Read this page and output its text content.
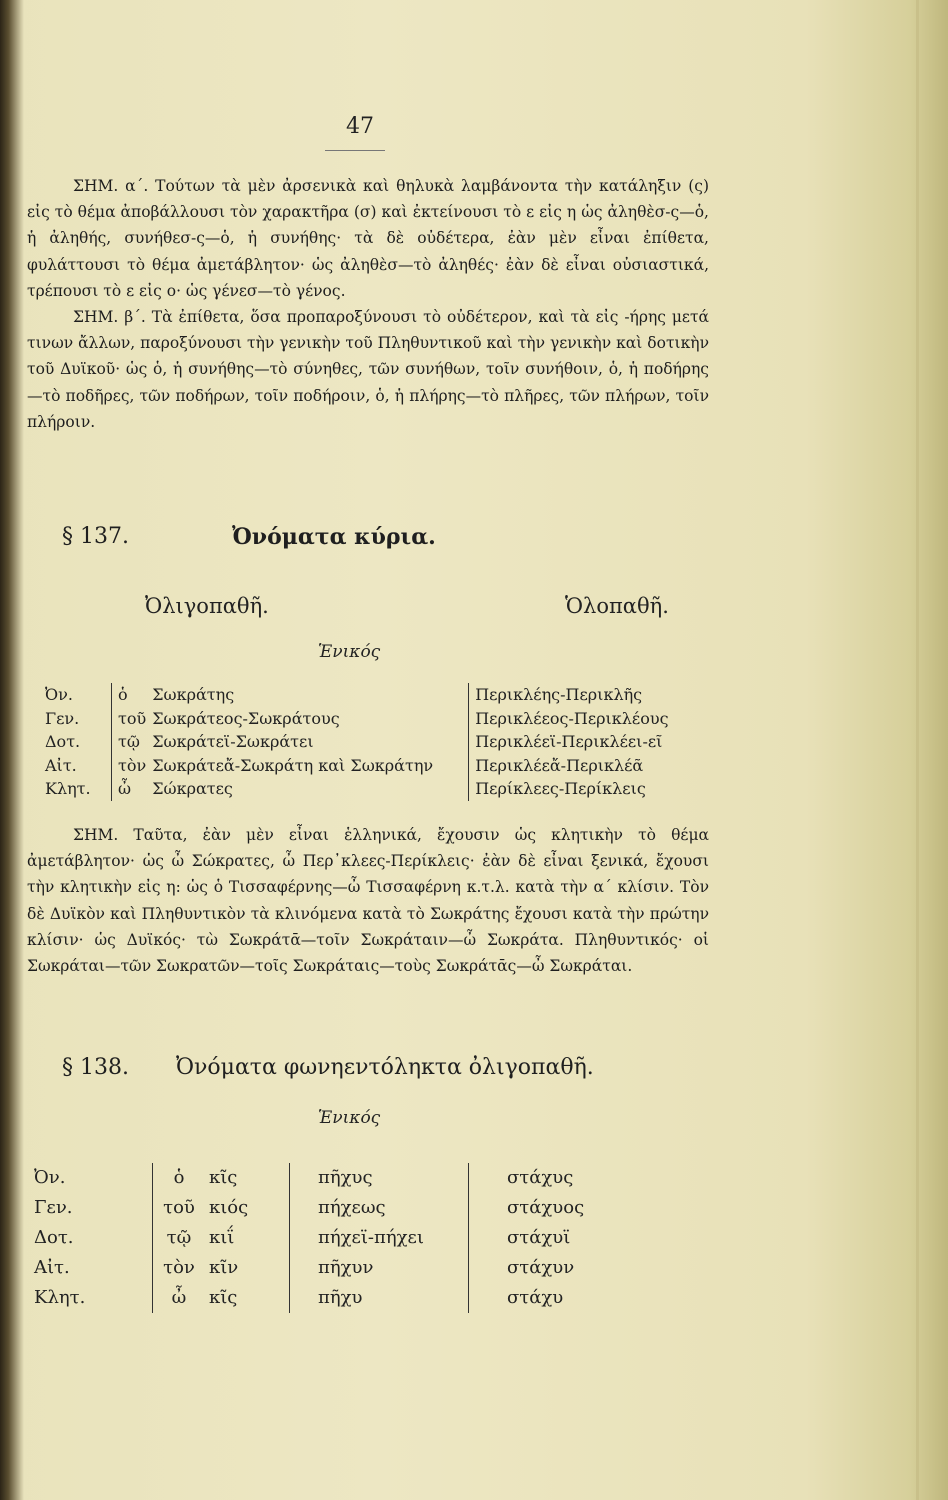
47

ΣΗΜ. α΄. Τούτων τὰ μὲν ἀρσενικὰ καὶ θηλυκὰ λαμβάνοντα τὴν κατάληξιν (ς) εἰς τὸ θέμα ἀποβάλλουσι τὸν χαρακτῆρα (σ) καὶ ἐκτείνουσι τὸ ε εἰς η ὡς ἀληθὲσ-ς—ὁ, ἡ ἀληθής, συνήθεσ-ς—ὁ, ἡ συνήθης· τὰ δὲ οὐδέτερα, ἐὰν μὲν εἶναι ἐπίθετα, φυλάττουσι τὸ θέμα ἀμετάβλητον· ὡς ἀληθὲσ—τὸ ἀληθές· ἐὰν δὲ εἶναι οὐσιαστικά, τρέπουσι τὸ ε εἰς ο· ὡς γένεσ—τὸ γένος.

ΣΗΜ. β΄. Τὰ ἐπίθετα, ὅσα προπαροξύνουσι τὸ οὐδέτερον, καὶ τὰ εἰς -ήρης μετά τινων ἄλλων, παροξύνουσι τὴν γενικὴν τοῦ Πληθυντικοῦ καὶ τὴν γενικὴν καὶ δοτικὴν τοῦ Δυϊκοῦ· ὡς ὁ, ἡ συνήθης—τὸ σύνηθες, τῶν συνήθων, τοῖν συνήθοιν, ὁ, ἡ ποδήρης—τὸ ποδῆρες, τῶν ποδήρων, τοῖν ποδήροιν, ὁ, ἡ πλήρης—τὸ πλῆρες, τῶν πλήρων, τοῖν πλήροιν.

§ 137.	Ὀνόματα κύρια.
Ὀλιγοπαθῆ.	Ὁλοπαθῆ.
Ἑνικός
Ὀν.	ὁ	Σωκράτης	Περικλέης-Περικλῆς
Γεν.	τοῦ	Σωκράτεος-Σωκράτους	Περικλέεος-Περικλέους
Δοτ.	τῷ	Σωκράτεϊ-Σωκράτει	Περικλέεϊ-Περικλέει-εῖ
Αἰτ.	τὸν	Σωκράτεἄ-Σωκράτη καὶ Σωκράτην	Περικλέεἄ-Περικλέᾶ
Κλητ.	ὦ	Σώκρατες	Περίκλεες-Περίκλεις

ΣΗΜ. Ταῦτα, ἐὰν μὲν εἶναι ἑλληνικά, ἔχουσιν ὡς κλητικὴν τὸ θέμα ἀμετάβλητον· ὡς ὦ Σώκρατες, ὦ Περ᾽κλεες-Περίκλεις· ἐὰν δὲ εἶναι ξενικά, ἔχουσι τὴν κλητικὴν εἰς η: ὡς ὁ Τισσαφέρνης—ὦ Τισσαφέρνη κ.τ.λ. κατὰ τὴν α΄ κλίσιν. Τὸν δὲ Δυϊκὸν καὶ Πληθυντικὸν τὰ κλινόμενα κατὰ τὸ Σωκράτης ἔχουσι κατὰ τὴν πρώτην κλίσιν· ὡς Δυϊκός· τὼ Σωκράτᾱ—τοῖν Σωκράταιν—ὦ Σωκράτα. Πληθυντικός· οἱ Σωκράται—τῶν Σωκρατῶν—τοῖς Σωκράταις—τοὺς Σωκράτᾱς—ὦ Σωκράται.

§ 138. Ὀνόματα φωνηεντόληκτα ὀλιγοπαθῆ.
Ἑνικός
Ὀν.	ὁ	κῖς	πῆχυς	στάχυς
Γεν.	τοῦ	κιός	πήχεως	στάχυος
Δοτ.	τῷ	κιΐ	πήχεϊ-πήχει	στάχυϊ
Αἰτ.	τὸν	κῖν	πῆχυν	στάχυν
Κλητ.	ὦ	κῖς	πῆχυ	στάχυ
